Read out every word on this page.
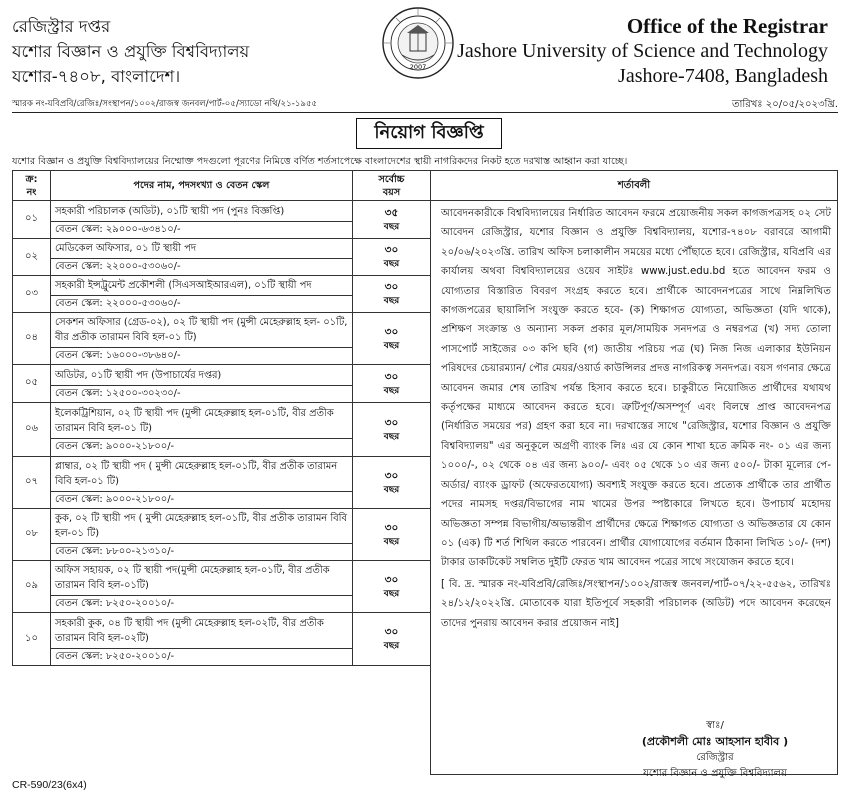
রেজিস্ট্রার দপ্তর
যশোর বিজ্ঞান ও প্রযুক্তি বিশ্ববিদ্যালয়
যশোর-৭৪০৮, বাংলাদেশ।	2007
Office of the Registrar
Jashore University of Science and Technology
Jashore-7408, Bangladesh
স্মারক নং-যবিপ্রবি/রেজিঃ/সংস্থাপন/১০০২/রাজস্ব জনবল/পার্ট-০৫/স্যাডো নথি/২১-১৯৫৫	তারিখঃ ২০/০৫/২০২৩খ্রি.
নিয়োগ বিজ্ঞপ্তি
যশোর বিজ্ঞান ও প্রযুক্তি বিশ্ববিদ্যালয়ের নিম্মোক্ত পদগুলো পূরণের নিমিত্তে বর্ণিত শর্তসাপেক্ষে বাংলাদেশের স্থায়ী নাগরিকদের নিকট হতে দরখাস্ত আহ্বান করা যাচ্ছে।
ক্র:
নং	পদের নাম, পদসংখ্যা ও বেতন স্কেল	সর্বোচ্চ
বয়স
০১	সহকারী পরিচালক (অডিট), ০১টি স্থায়ী পদ (পুনঃ বিজ্ঞপ্তি)
বেতন স্কেল: ২৯০০০-৬৩৪১০/-	৩৫
বছর

০২	মেডিকেল অফিসার, ০১ টি স্থায়ী পদ
বেতন স্কেল: ২২০০০-৫৩০৬০/-	৩০
বছর

০৩	সহকারী ইন্সট্রুমেন্ট প্রকৌশলী (সিএসআইআরএল), ০১টি স্থায়ী পদ
বেতন স্কেল: ২২০০০-৫৩০৬০/-	৩০
বছর

০৪	সেকশন অফিসার (গ্রেড-০২), ০২ টি স্থায়ী পদ (মুন্সী মেহেরুল্লাহ হল- ০১টি, বীর প্রতীক তারামন বিবি হল-০১ টি)
বেতন স্কেল: ১৬০০০-৩৮৬৪০/-	৩০
বছর

০৫	অডিটর, ০১টি স্থায়ী পদ (উপাচার্যের দপ্তর)
বেতন স্কেল: ১২৫০০-৩০২৩০/-	৩০
বছর

০৬	ইলেকট্রিশিয়ান, ০২ টি স্থায়ী পদ (মুন্সী মেহেরুল্লাহ হল-০১টি, বীর প্রতীক তারামন বিবি হল-০১ টি)
বেতন স্কেল: ৯০০০-২১৮০০/-	৩০
বছর

০৭	প্লাম্বার, ০২ টি স্থায়ী পদ ( মুন্সী মেহেরুল্লাহ হল-০১টি, বীর প্রতীক তারামন বিবি হল-০১ টি)
বেতন স্কেল: ৯০০০-২১৮০০/-	৩০
বছর

০৮	কুক, ০২ টি স্থায়ী পদ ( মুন্সী মেহেরুল্লাহ হল-০১টি, বীর প্রতীক তারামন বিবি হল-০১ টি)
বেতন স্কেল: ৮৮০০-২১৩১০/-	৩০
বছর

০৯	অফিস সহায়ক, ০২ টি স্থায়ী পদ(মুন্সী মেহেরুল্লাহ হল-০১টি, বীর প্রতীক তারামন বিবি হল-০১টি)
বেতন স্কেল: ৮২৫০-২০০১০/-	৩০
বছর

১০	সহকারী কুক, ০৪ টি স্থায়ী পদ (মুন্সী মেহেরুল্লাহ হল-০২টি, বীর প্রতীক তারামন বিবি হল-০২টি)
বেতন স্কেল: ৮২৫০-২০০১০/-	৩০
বছর
শর্তাবলী

আবেদনকারীকে বিশ্ববিদ্যালয়ের নির্ধারিত আবেদন ফরমে প্রয়োজনীয় সকল কাগজপত্রসহ ০২ সেট আবেদন রেজিস্ট্রার, যশোর বিজ্ঞান ও প্রযুক্তি বিশ্ববিদ্যালয়, যশোর-৭৪০৮ বরাবরে আগামী ২০/০৬/২০২৩খ্রি. তারিখ অফিস চলাকালীন সময়ের মধ্যে পৌঁছাতে হবে। রেজিস্ট্রার, যবিপ্রবি এর কার্যালয় অথবা বিশ্ববিদ্যালয়ের ওয়েব সাইটঃ www.just.edu.bd হতে আবেদন ফরম ও যোগ্যতার বিস্তারিত বিবরণ সংগ্রহ করতে হবে। প্রার্থীকে আবেদনপত্রের সাথে নিম্নলিখিত কাগজপত্রের ছায়ালিপি সংযুক্ত করতে হবে- (ক) শিক্ষাগত যোগ্যতা, অভিজ্ঞতা (যদি থাকে), প্রশিক্ষণ সংক্রান্ত ও অন্যান্য সকল প্রকার মূল/সাময়িক সনদপত্র ও নম্বরপত্র (খ) সদ্য তোলা পাসপোর্ট সাইজের ০৩ কপি ছবি (গ) জাতীয় পরিচয় পত্র (ঘ) নিজ নিজ এলাকার ইউনিয়ন পরিষদের চেয়ারম্যান/ পৌর মেয়র/ওয়ার্ড কাউন্সিলর প্রদত্ত নাগরিকত্ব সনদপত্র। বয়স গণনার ক্ষেত্রে আবেদন জমার শেষ তারিখ পর্যন্ত হিসাব করতে হবে। চাকুরীতে নিয়োজিত প্রার্থীদের যথাযথ কর্তৃপক্ষের মাধ্যমে আবেদন করতে হবে। ত্রুটিপূর্ণ/অসম্পূর্ণ এবং বিলম্বে প্রাপ্ত আবেদনপত্র (নির্ধারিত সময়ের পর) গ্রহণ করা হবে না। দরখাস্তের সাথে "রেজিস্ট্রার, যশোর বিজ্ঞান ও প্রযুক্তি বিশ্ববিদ্যালয়" এর অনুকূলে অগ্রণী ব্যাংক লিঃ এর যে কোন শাখা হতে ক্রমিক নং- ০১ এর জন্য ১০০০/-, ০২ থেকে ০৪ এর জন্য ৯০০/- এবং ০৫ থেকে ১০ এর জন্য ৫০০/- টাকা মূল্যের পে-অর্ডার/ ব্যাংক ড্রাফট (অফেরতযোগ্য) অবশ্যই সংযুক্ত করতে হবে। প্রত্যেক প্রার্থীকে তার প্রার্থীত পদের নামসহ দপ্তর/বিভাগের নাম খামের উপর স্পষ্টাকারে লিখতে হবে। উপাচার্য মহোদয় অভিজ্ঞতা সম্পন্ন বিভাগীয়/অভ্যন্তরীণ প্রার্থীদের ক্ষেত্রে শিক্ষাগত যোগ্যতা ও অভিজ্ঞতার যে কোন ০১ (এক) টি শর্ত শিথিল করতে পারবেন। প্রার্থীর যোগাযোগের বর্তমান ঠিকানা লিখিত ১০/- (দশ) টাকার ডাকটিকেট সম্বলিত দুইটি ফেরত খাম আবেদন পত্রের সাথে সংযোজন করতে হবে।

[ বি. দ্র. স্মারক নং-যবিপ্রবি/রেজিঃ/সংস্থাপন/১০০২/রাজস্ব জনবল/পার্ট-০৭/২২-৫৫৬২, তারিখঃ ২৪/১২/২০২২খ্রি. মোতাবেক যারা ইতিপূর্বে সহকারী পরিচালক (অডিট) পদে আবেদন করেছেন তাদের পুনরায় আবেদন করার প্রয়োজন নাই]

স্বাঃ/
(প্রকৌশলী মোঃ আহসান হাবীব )
রেজিস্ট্রার
যশোর বিজ্ঞান ও প্রযুক্তি বিশ্ববিদ্যালয়
CR-590/23(6x4)
